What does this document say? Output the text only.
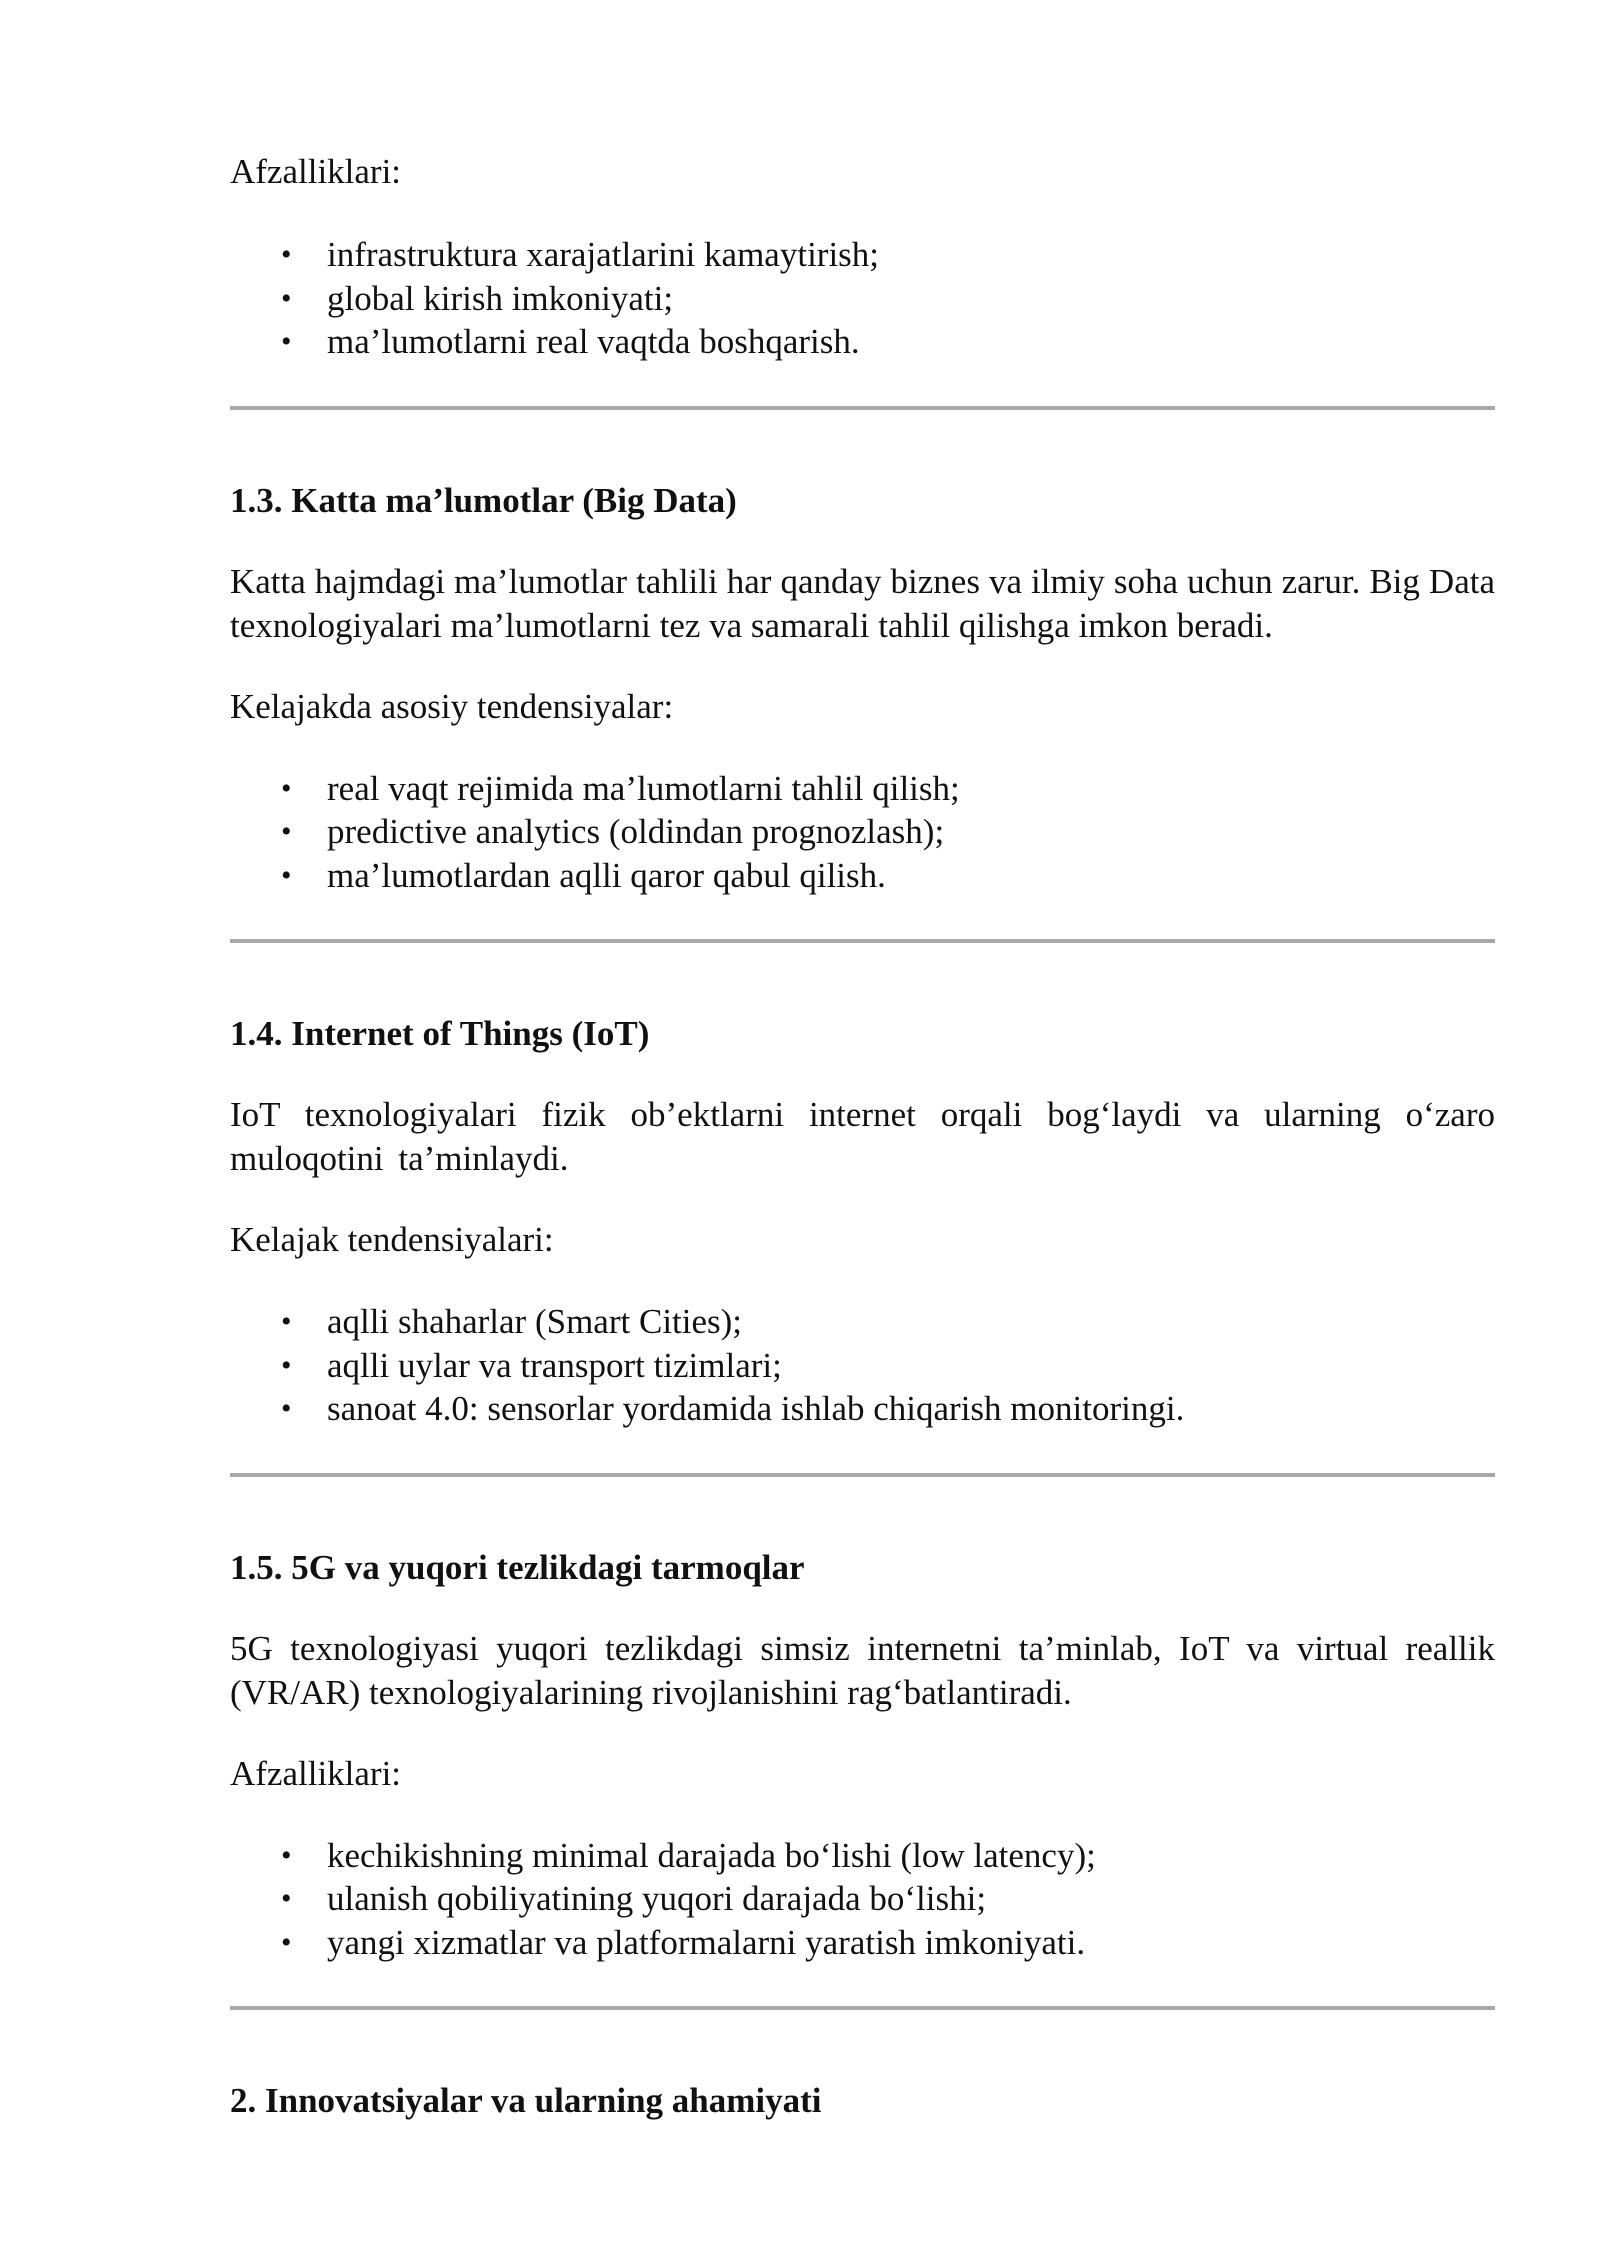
Afzalliklari:

• infrastruktura xarajatlarini kamaytirish;
• global kirish imkoniyati;
• ma’lumotlarni real vaqtda boshqarish.
1.3. Katta ma’lumotlar (Big Data)

Katta hajmdagi ma’lumotlar tahlili har qanday biznes va ilmiy soha uchun zarur. Big Data texnologiyalari ma’lumotlarni tez va samarali tahlil qilishga imkon beradi.

Kelajakda asosiy tendensiyalar:

• real vaqt rejimida ma’lumotlarni tahlil qilish;
• predictive analytics (oldindan prognozlash);
• ma’lumotlardan aqlli qaror qabul qilish.
1.4. Internet of Things (IoT)

IoT texnologiyalari fizik ob’ektlarni internet orqali bog‘laydi va ularning o‘zaro muloqotini ta’minlaydi.

Kelajak tendensiyalari:

• aqlli shaharlar (Smart Cities);
• aqlli uylar va transport tizimlari;
• sanoat 4.0: sensorlar yordamida ishlab chiqarish monitoringi.
1.5. 5G va yuqori tezlikdagi tarmoqlar

5G texnologiyasi yuqori tezlikdagi simsiz internetni ta’minlab, IoT va virtual reallik (VR/AR) texnologiyalarining rivojlanishini rag‘batlantiradi.

Afzalliklari:

• kechikishning minimal darajada bo‘lishi (low latency);
• ulanish qobiliyatining yuqori darajada bo‘lishi;
• yangi xizmatlar va platformalarni yaratish imkoniyati.
2. Innovatsiyalar va ularning ahamiyati
